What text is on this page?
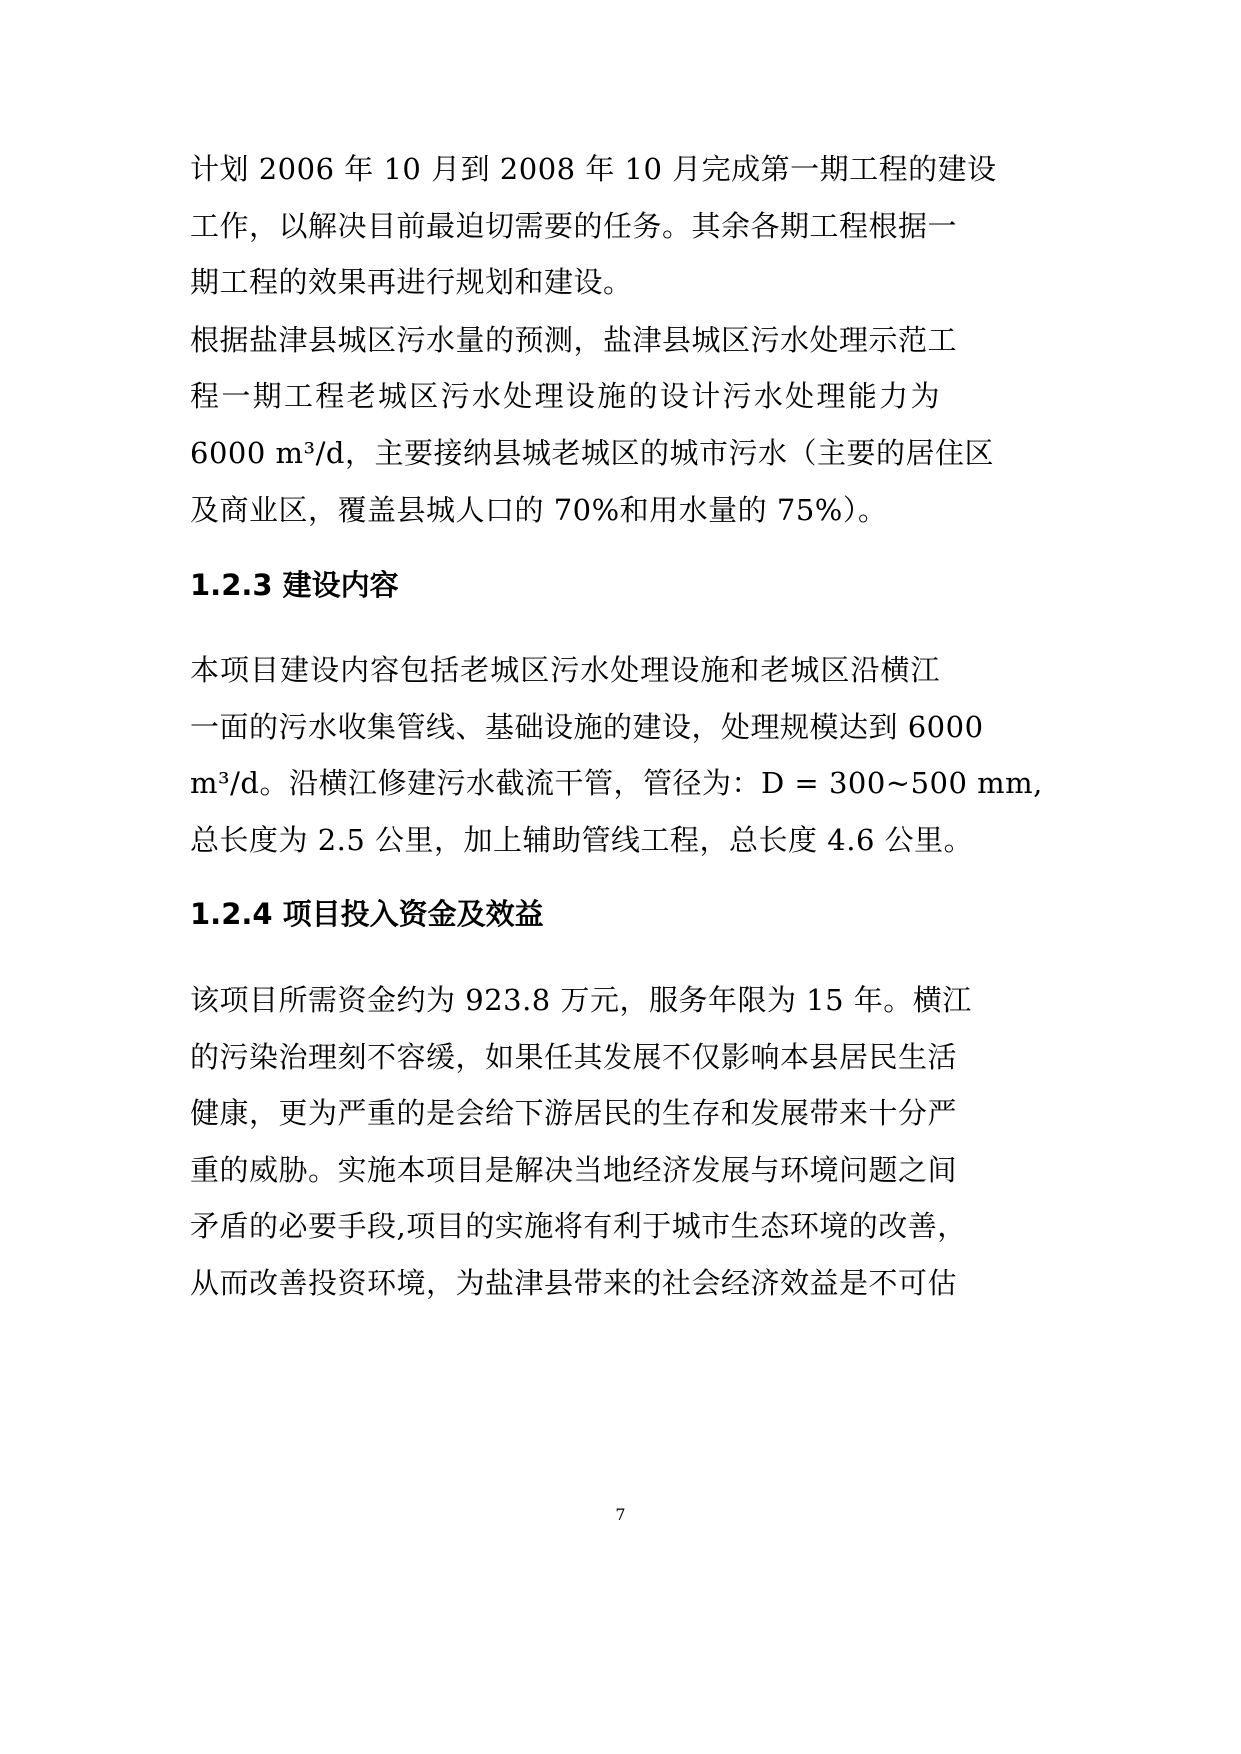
计划 2006 年 10 月到 2008 年 10 月完成第一期工程的建设
工作，以解决目前最迫切需要的任务。其余各期工程根据一
期工程的效果再进行规划和建设。
根据盐津县城区污水量的预测，盐津县城区污水处理示范工
程一期工程老城区污水处理设施的设计污水处理能力为
6000 m³/d，主要接纳县城老城区的城市污水（主要的居住区
及商业区，覆盖县城人口的 70%和用水量的 75%）。
1.2.3 建设内容
本项目建设内容包括老城区污水处理设施和老城区沿横江
一面的污水收集管线、基础设施的建设，处理规模达到 6000
m³/d。沿横江修建污水截流干管，管径为：D = 300~500 mm,
总长度为 2.5 公里，加上辅助管线工程，总长度 4.6 公里。
1.2.4 项目投入资金及效益
该项目所需资金约为 923.8 万元，服务年限为 15 年。横江
的污染治理刻不容缓，如果任其发展不仅影响本县居民生活
健康，更为严重的是会给下游居民的生存和发展带来十分严
重的威胁。实施本项目是解决当地经济发展与环境问题之间
矛盾的必要手段,项目的实施将有利于城市生态环境的改善，
从而改善投资环境，为盐津县带来的社会经济效益是不可估
7
